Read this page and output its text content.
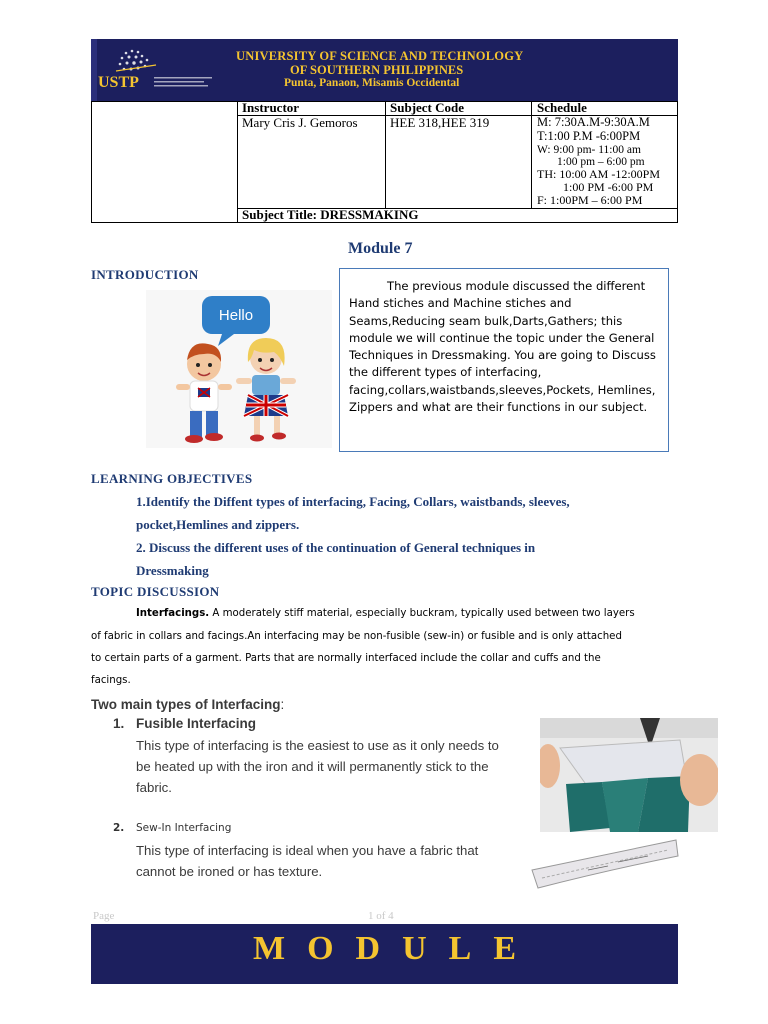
USTP
UNIVERSITY OF SCIENCE AND TECHNOLOGY
OF SOUTHERN PHILIPPINES
Punta, Panaon, Misamis Occidental
Instructor
Mary Cris J. Gemoros
Subject Code
HEE 318,HEE 319
Schedule
M: 7:30A.M-9:30A.M
T:1:00 P.M -6:00PM
W: 9:00 pm- 11:00 am
1:00 pm – 6:00 pm
TH: 10:00 AM -12:00PM
1:00 PM -6:00 PM
F: 1:00PM – 6:00 PM
Subject Title: DRESSMAKING
Module 7
INTRODUCTION
Hello

The previous module discussed the different Hand stiches and Machine stiches and Seams,Reducing seam bulk,Darts,Gathers; this module we will continue the topic under the General Techniques in Dressmaking. You are going to Discuss the different types of interfacing, facing,collars,waistbands,sleeves,Pockets, Hemlines, Zippers and what are their functions in our subject.

LEARNING OBJECTIVES
1.Identify the Diffent types of interfacing, Facing, Collars, waistbands, sleeves,
pocket,Hemlines and zippers.
2. Discuss the different uses of the continuation of General techniques in
Dressmaking
TOPIC DISCUSSION
Interfacings. A moderately stiff material, especially buckram, typically used between two layers
of fabric in collars and facings.An interfacing may be non-fusible (sew-in) or fusible and is only attached
to certain parts of a garment. Parts that are normally interfaced include the collar and cuffs and the
facings.
Two main types of Interfacing:
1. Fusible Interfacing
This type of interfacing is the easiest to use as it only needs to
be heated up with the iron and it will permanently stick to the
fabric.
2. Sew-In Interfacing
This type of interfacing is ideal when you have a fabric that
cannot be ironed or has texture.
Page	1 of 4
MODULE
